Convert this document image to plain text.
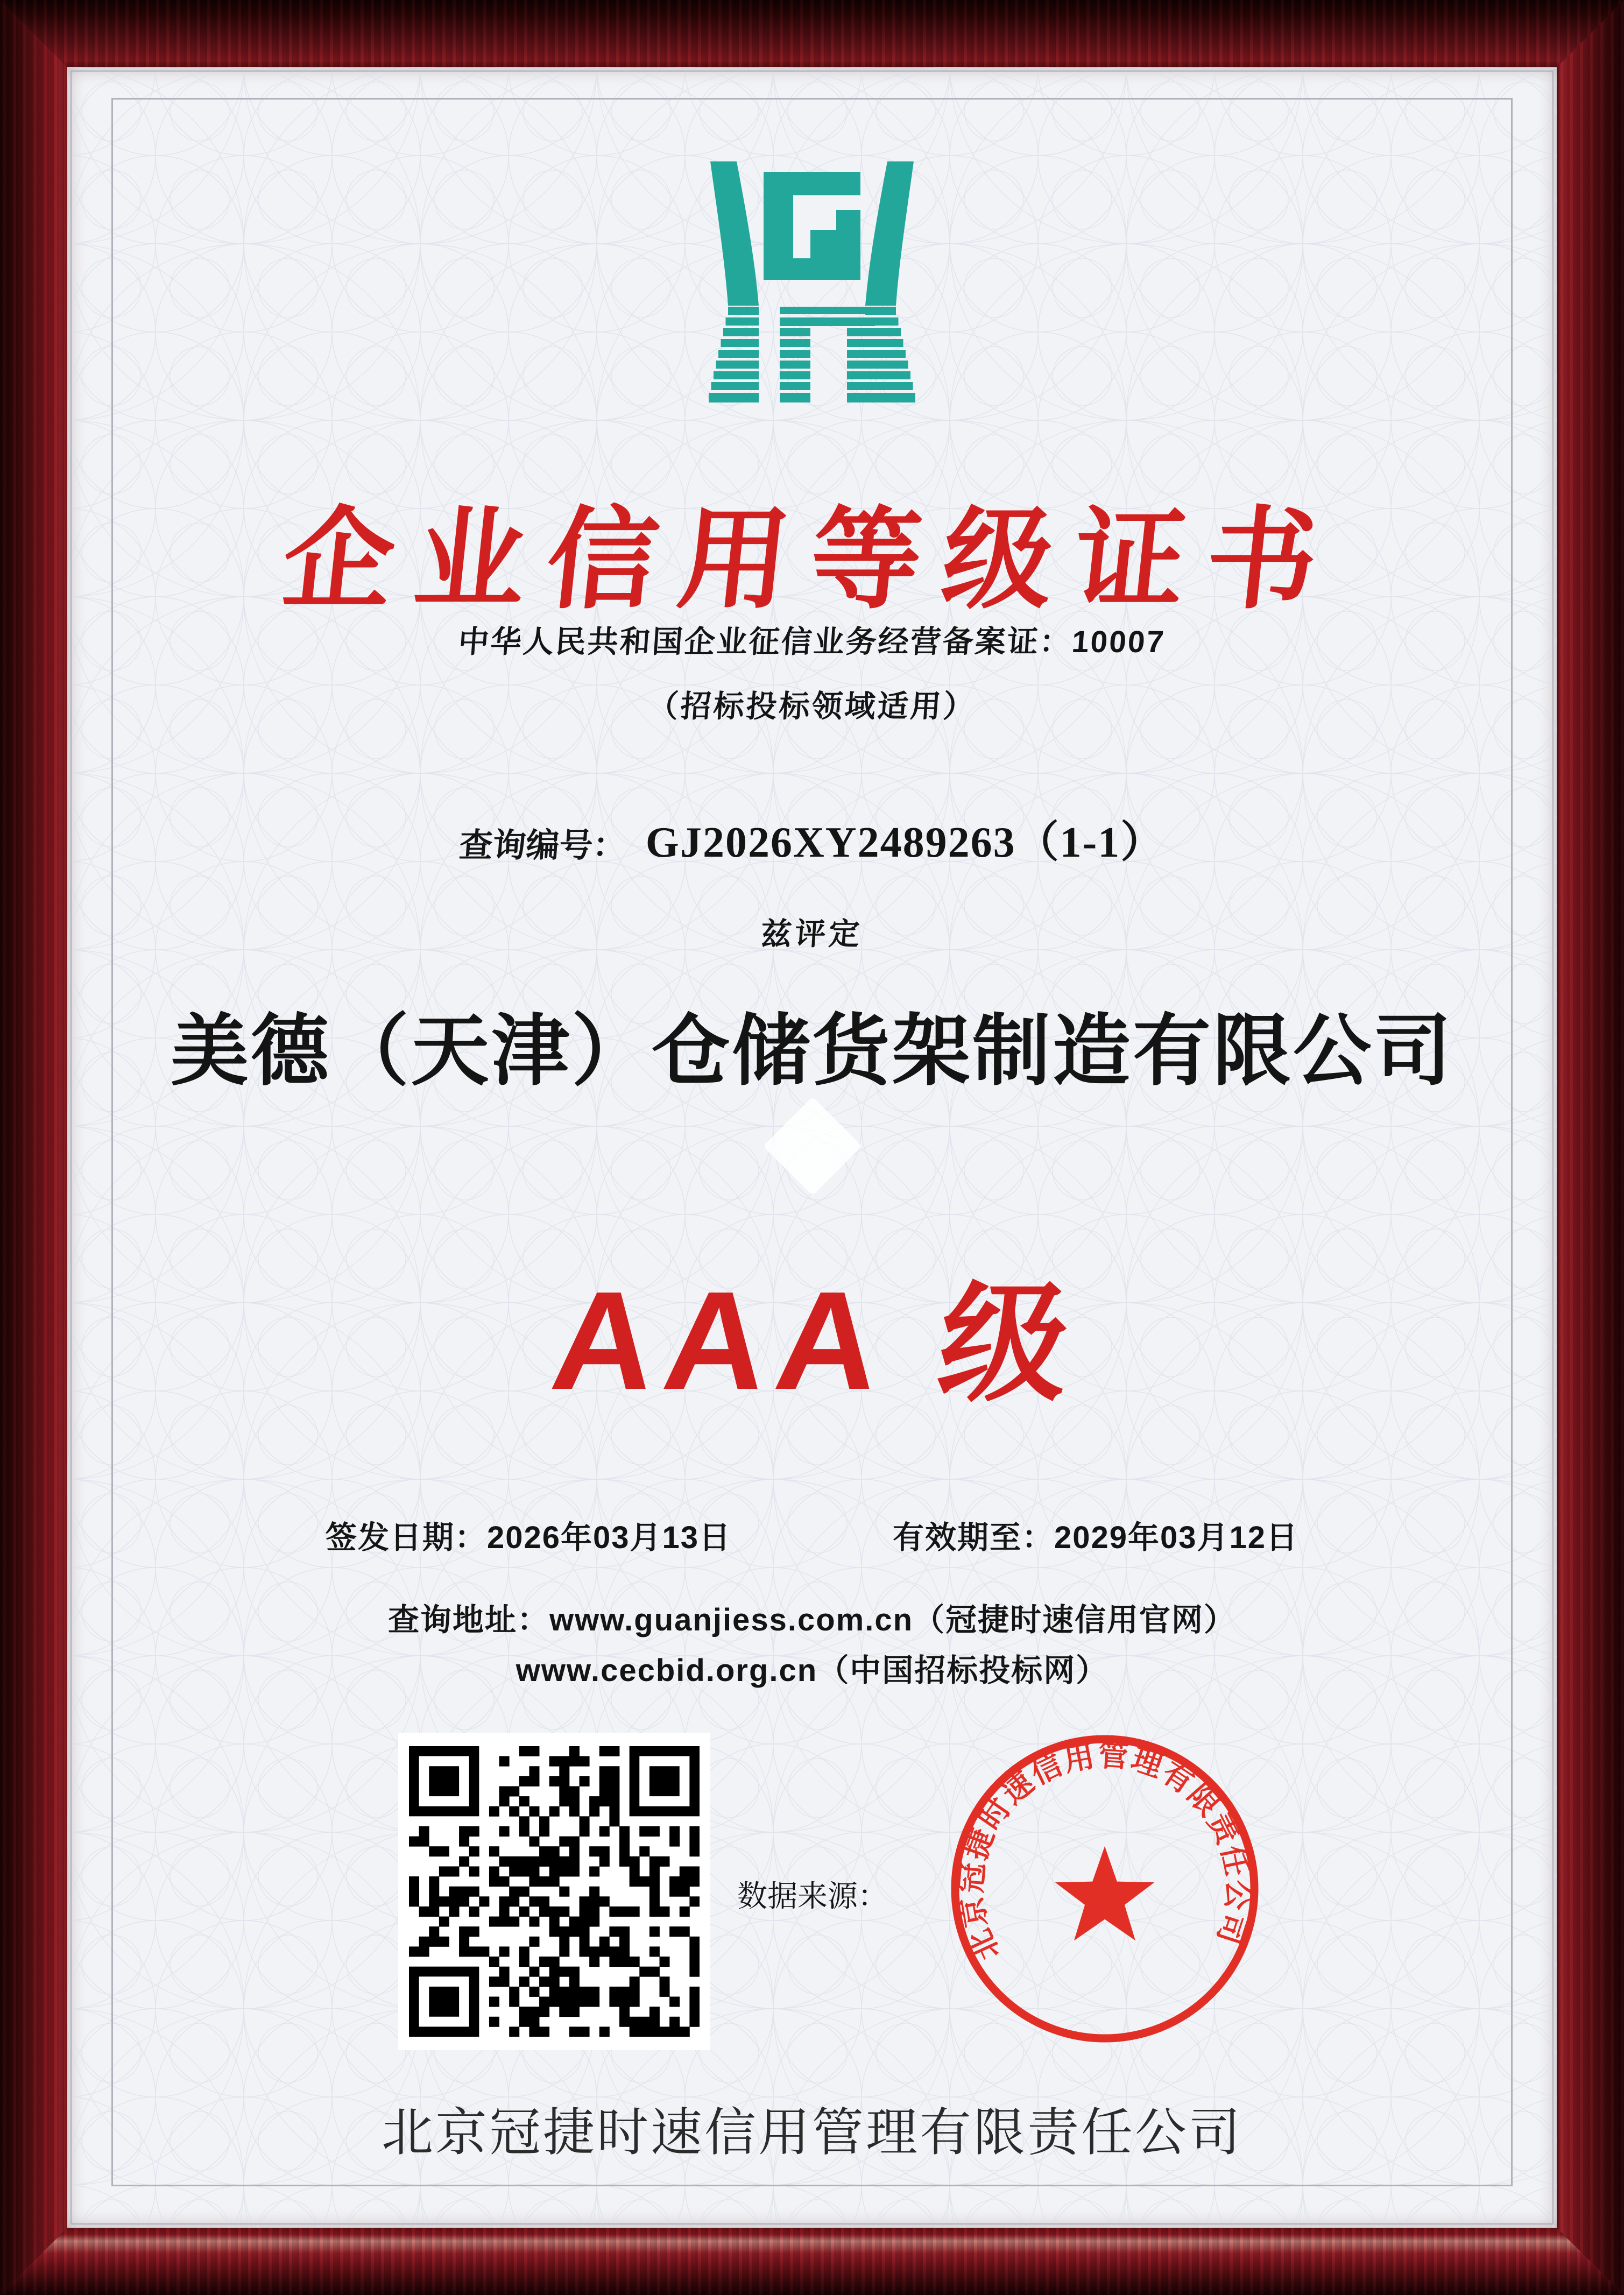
企业信用等级证书
中华人民共和国企业征信业务经营备案证：10007
（招标投标领域适用）
查询编号： GJ2026XY2489263（1-1）
兹评定
美德（天津）仓储货架制造有限公司
AAA 级
签发日期：2026年03月13日	有效期至：2029年03月12日
查询地址：www.guanjiess.com.cn（冠捷时速信用官网）
www.cecbid.org.cn（中国招标投标网）
数据来源：
北京冠捷时速信用管理有限责任公司
北京冠捷时速信用管理有限责任公司
